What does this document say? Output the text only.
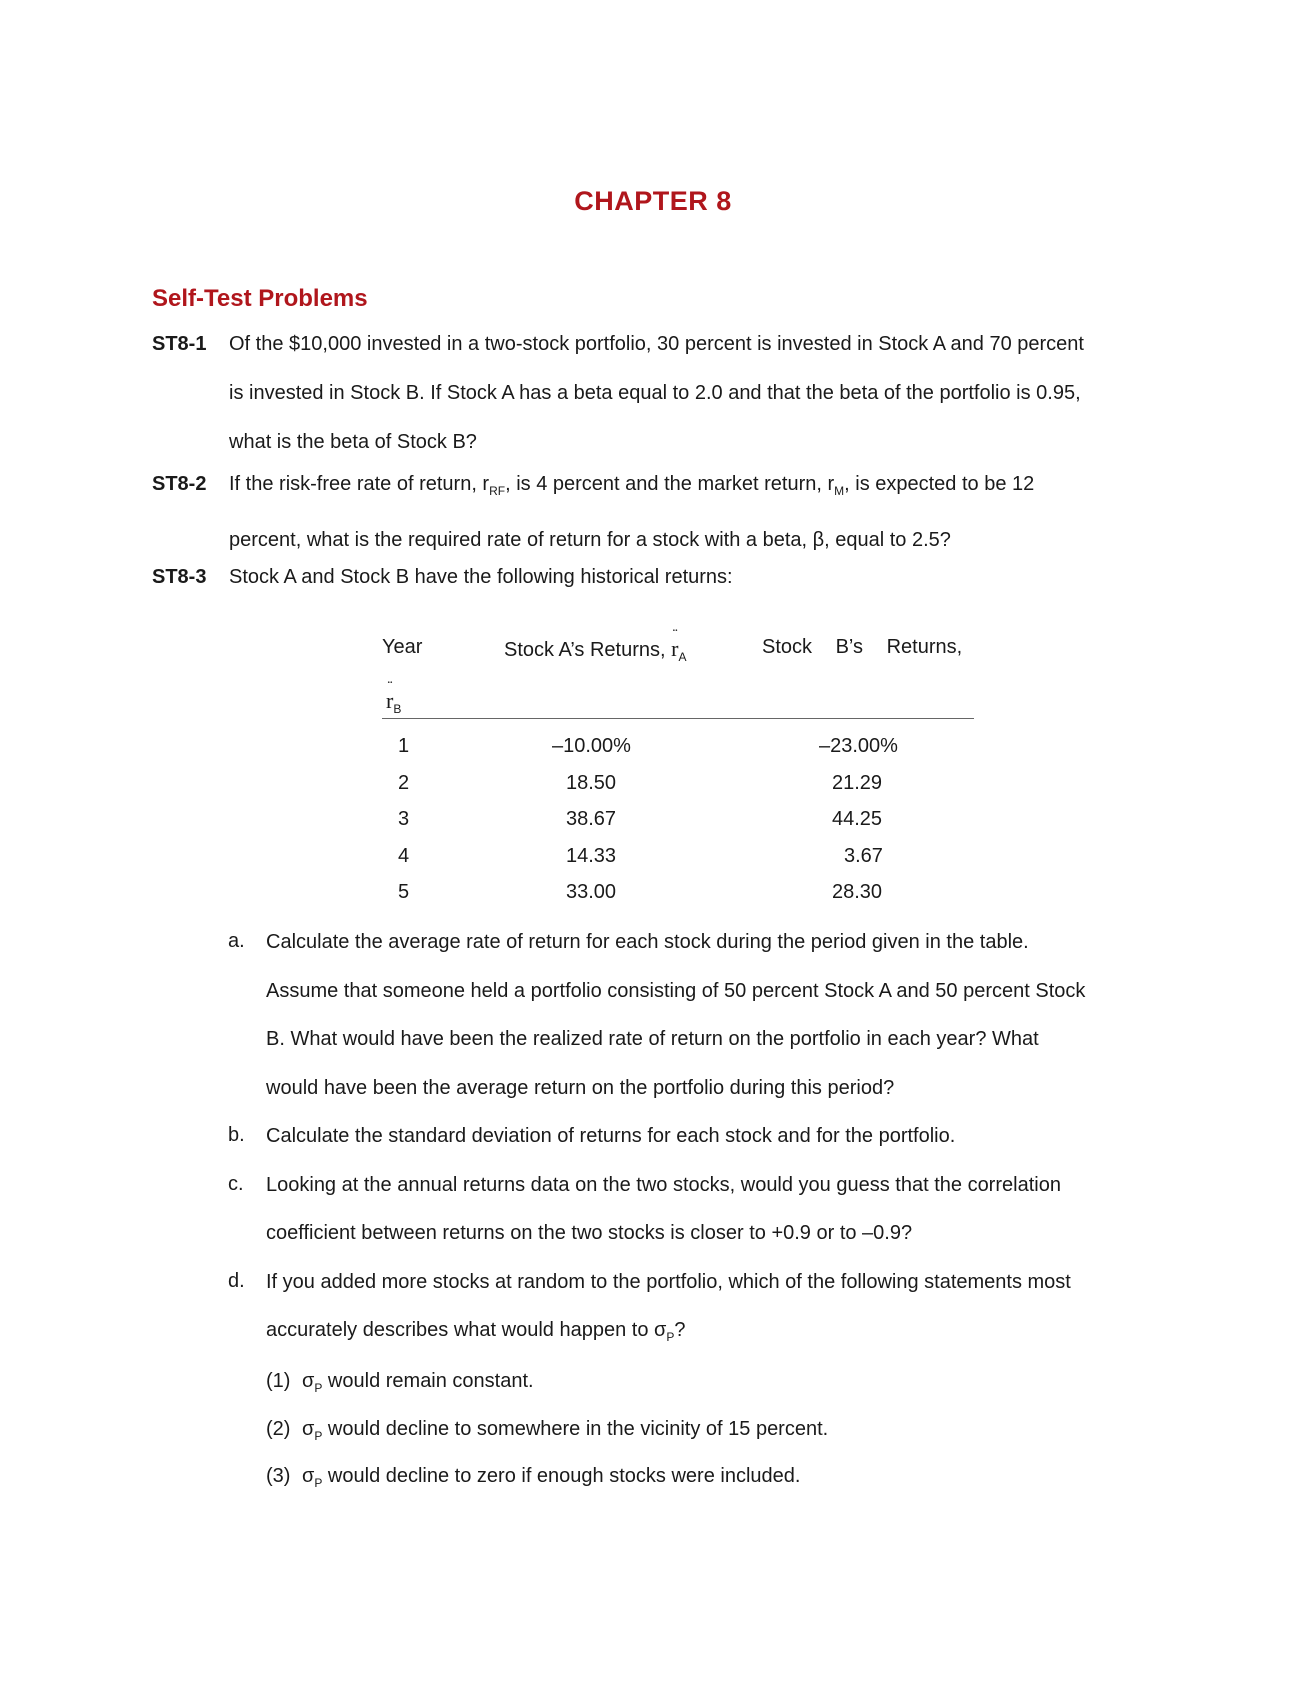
CHAPTER 8
Self-Test Problems
ST8-1 Of the $10,000 invested in a two-stock portfolio, 30 percent is invested in Stock A and 70 percent
is invested in Stock B. If Stock A has a beta equal to 2.0 and that the beta of the portfolio is 0.95,
what is the beta of Stock B?
ST8-2 If the risk-free rate of return, $r_{RF}$, is 4 percent and the market return, $r_M$, is expected to be 12
percent, what is the required rate of return for a stock with a beta, β, equal to 2.5?
ST8-3 Stock A and Stock B have the following historical returns:
Year	Stock A’s Returns, .. $r_A$	Stock B’s Returns,
.. $r_B$
1	–10.00%	–23.00%
2	18.50	21.29
3	38.67	44.25
4	14.33	3.67
5	33.00	28.30
a. Calculate the average rate of return for each stock during the period given in the table.
Assume that someone held a portfolio consisting of 50 percent Stock A and 50 percent Stock
B. What would have been the realized rate of return on the portfolio in each year? What
would have been the average return on the portfolio during this period?
b. Calculate the standard deviation of returns for each stock and for the portfolio.
c. Looking at the annual returns data on the two stocks, would you guess that the correlation
coefficient between returns on the two stocks is closer to +0.9 or to –0.9?
d. If you added more stocks at random to the portfolio, which of the following statements most
accurately describes what would happen to $\sigma_P$?
(1) $\sigma_P$ would remain constant.
(2) $\sigma_P$ would decline to somewhere in the vicinity of 15 percent.
(3) $\sigma_P$ would decline to zero if enough stocks were included.
